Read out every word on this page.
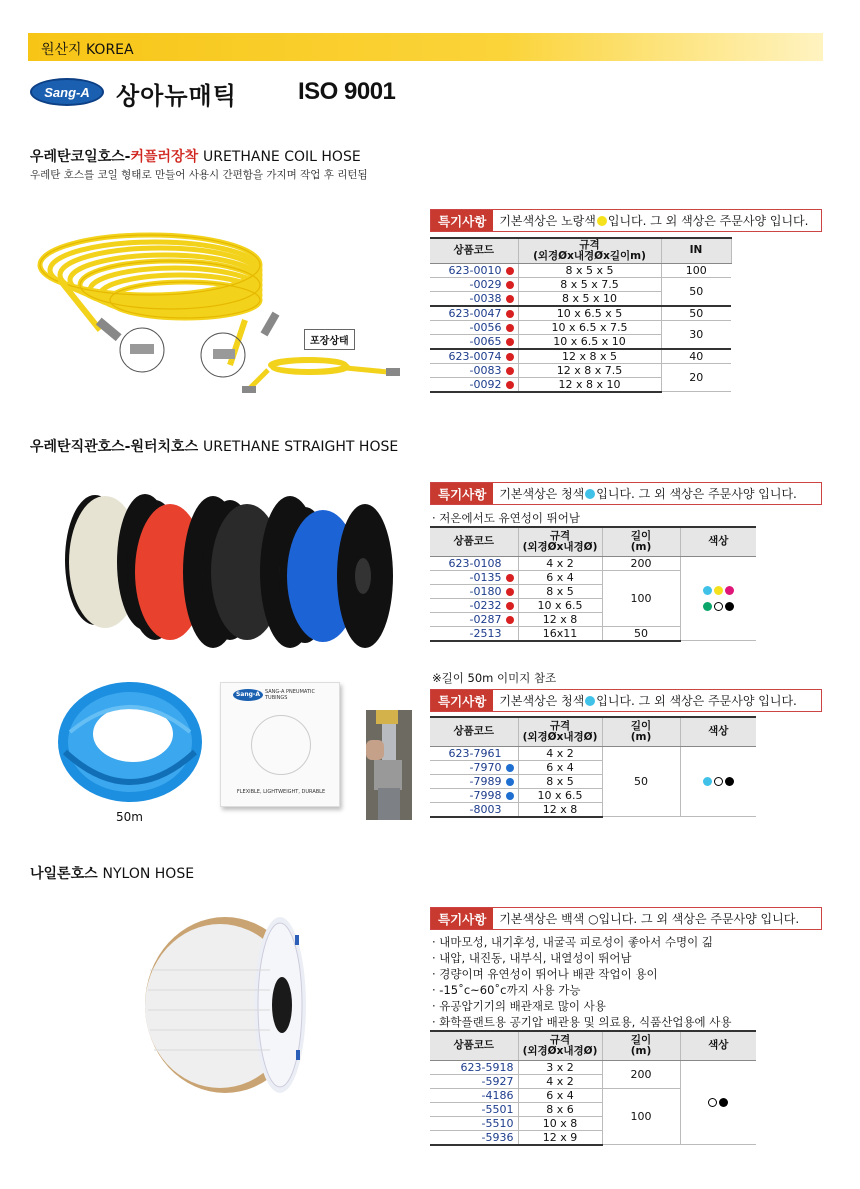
원산지 KOREA
Sang-A	상아뉴매틱	ISO 9001
우레탄코일호스-커플러장착 URETHANE COIL HOSE
우레탄 호스를 코일 형태로 만들어 사용시 간편함을 가지며 작업 후 리턴됨
포장상태
특기사항	기본색상은 노랑색 입니다. 그 외 색상은 주문사양 입니다.
상품코드	규격
(외경Øx내경Øx길이m)	IN	
623-0010	8 x 5 x 5	100	
-0029	8 x 5 x 7.5	50	
-0038	8 x 5 x 10		
623-0047	10 x 6.5 x 5	50	
-0056	10 x 6.5 x 7.5	30	
-0065	10 x 6.5 x 10		
623-0074	12 x 8 x 5	40	
-0083	12 x 8 x 7.5	20	
-0092	12 x 8 x 10		
우레탄직관호스-원터치호스 URETHANE STRAIGHT HOSE
특기사항	기본색상은 청색 입니다. 그 외 색상은 주문사양 입니다.
· 저온에서도 유연성이 뛰어남
상품코드	규격
(외경Øx내경Ø)	길이
(m)	색상
623-0108	4 x 2	200	

-0135	6 x 4	100	
-0180	8 x 5		
-0232	10 x 6.5		
-0287	12 x 8		
-2513	16x11	50	
50m
Sang-A SANG-A PNEUMATIC TUBINGS
FLEXIBLE, LIGHTWEIGHT, DURABLE
※길이 50m 이미지 참조
특기사항	기본색상은 청색 입니다. 그 외 색상은 주문사양 입니다.
상품코드	규격
(외경Øx내경Ø)	길이
(m)	색상
623-7961	4 x 2	50	
-7970	6 x 4		
-7989	8 x 5		
-7998	10 x 6.5		
-8003	12 x 8		
나일론호스 NYLON HOSE
특기사항	기본색상은 백색 ○입니다. 그 외 색상은 주문사양 입니다.
· 내마모성, 내기후성, 내굴곡 피로성이 좋아서 수명이 긺
· 내압, 내진동, 내부식, 내열성이 뛰어남
· 경량이며 유연성이 뛰어나 배관 작업이 용이
· -15˚c~60˚c까지 사용 가능
· 유공압기기의 배관재로 많이 사용
· 화학플랜트용 공기압 배관용 및 의료용, 식품산업용에 사용
상품코드	규격
(외경Øx내경Ø)	길이
(m)	색상
623-5918	3 x 2	200	
-5927	4 x 2		
-4186	6 x 4	100	
-5501	8 x 6		
-5510	10 x 8		
-5936	12 x 9		
